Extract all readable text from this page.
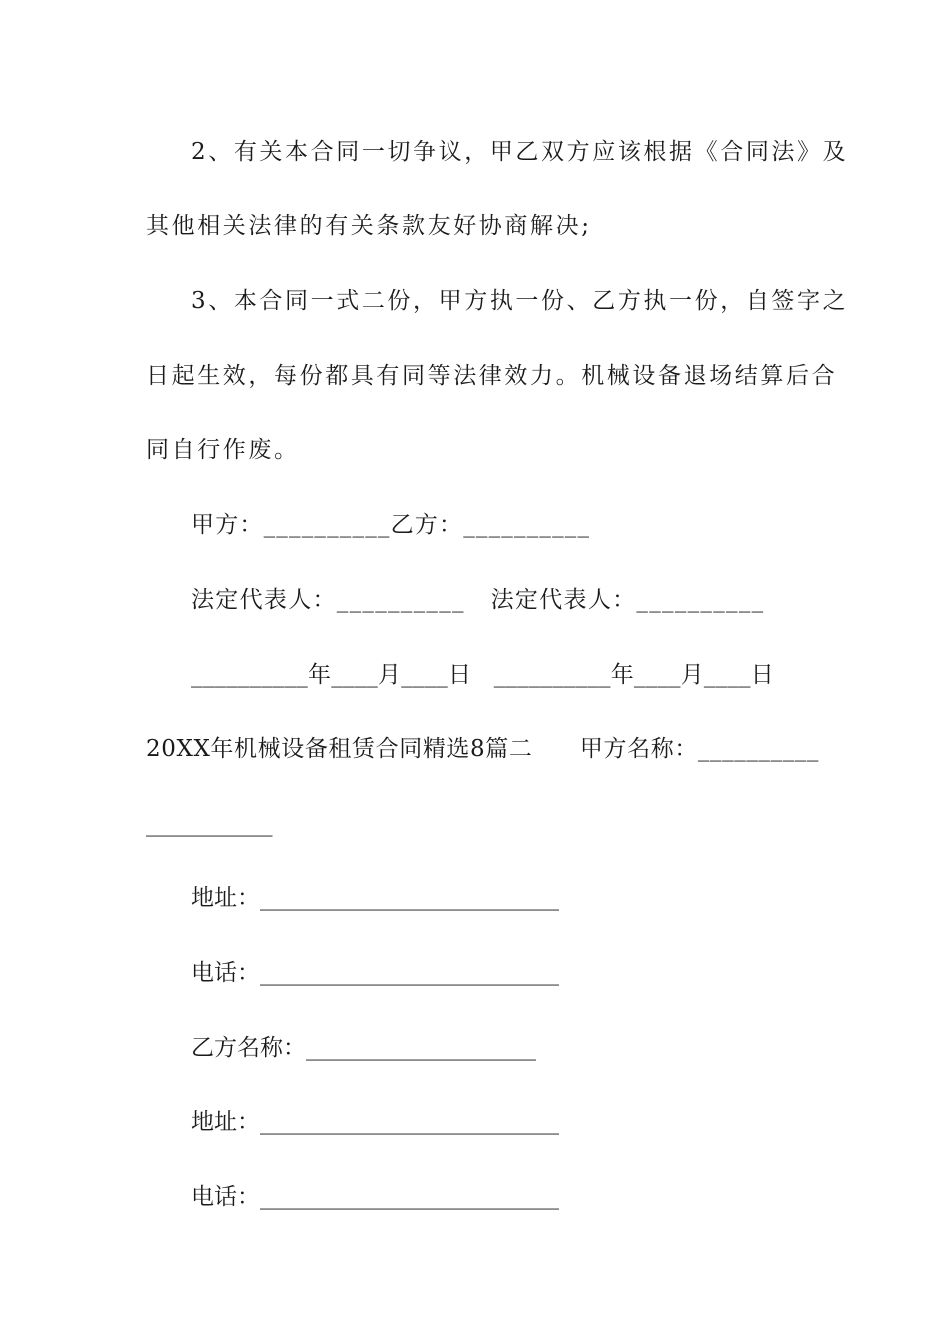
2、有关本合同一切争议，甲乙双方应该根据《合同法》及
其他相关法律的有关条款友好协商解决;
3、本合同一式二份，甲方执一份、乙方执一份，自签字之
日起生效，每份都具有同等法律效力。机械设备退场结算后合
同自行作废。
甲方：__________乙方：__________
法定代表人：__________   法定代表人：__________
__________年____月____日   __________年____月____日
20XX年机械设备租赁合同精选8篇二      甲方名称：__________
___________
地址：__________________________
电话：__________________________
乙方名称：____________________
地址：__________________________
电话：__________________________
